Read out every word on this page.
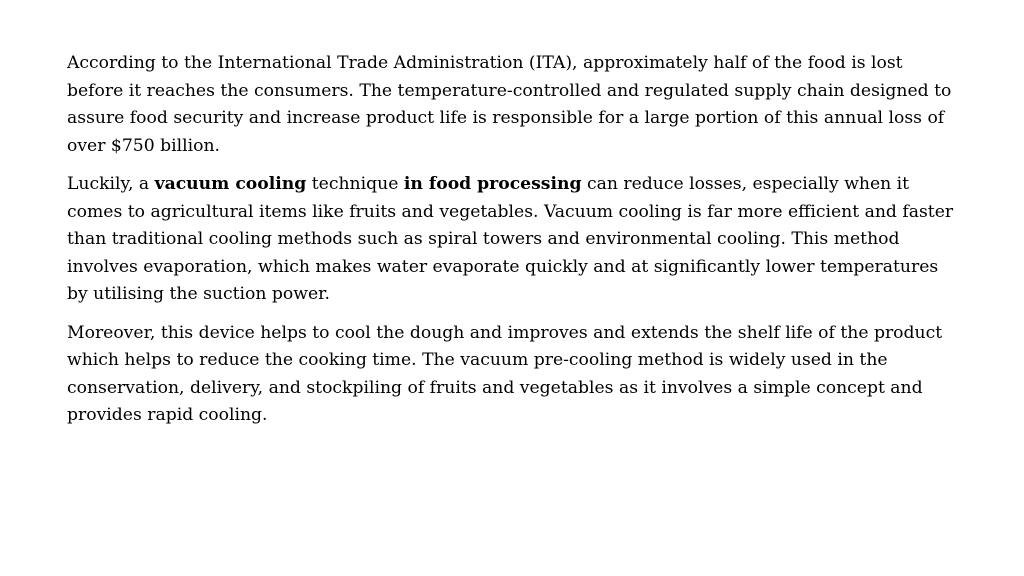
According to the International Trade Administration (ITA), approximately half of the food is lost before it reaches the consumers. The temperature-controlled and regulated supply chain designed to assure food security and increase product life is responsible for a large portion of this annual loss of over $750 billion.

Luckily, a vacuum cooling technique in food processing can reduce losses, especially when it comes to agricultural items like fruits and vegetables. Vacuum cooling is far more efficient and faster than traditional cooling methods such as spiral towers and environmental cooling. This method involves evaporation, which makes water evaporate quickly and at significantly lower temperatures by utilising the suction power.

Moreover, this device helps to cool the dough and improves and extends the shelf life of the product which helps to reduce the cooking time. The vacuum pre-cooling method is widely used in the conservation, delivery, and stockpiling of fruits and vegetables as it involves a simple concept and provides rapid cooling.
